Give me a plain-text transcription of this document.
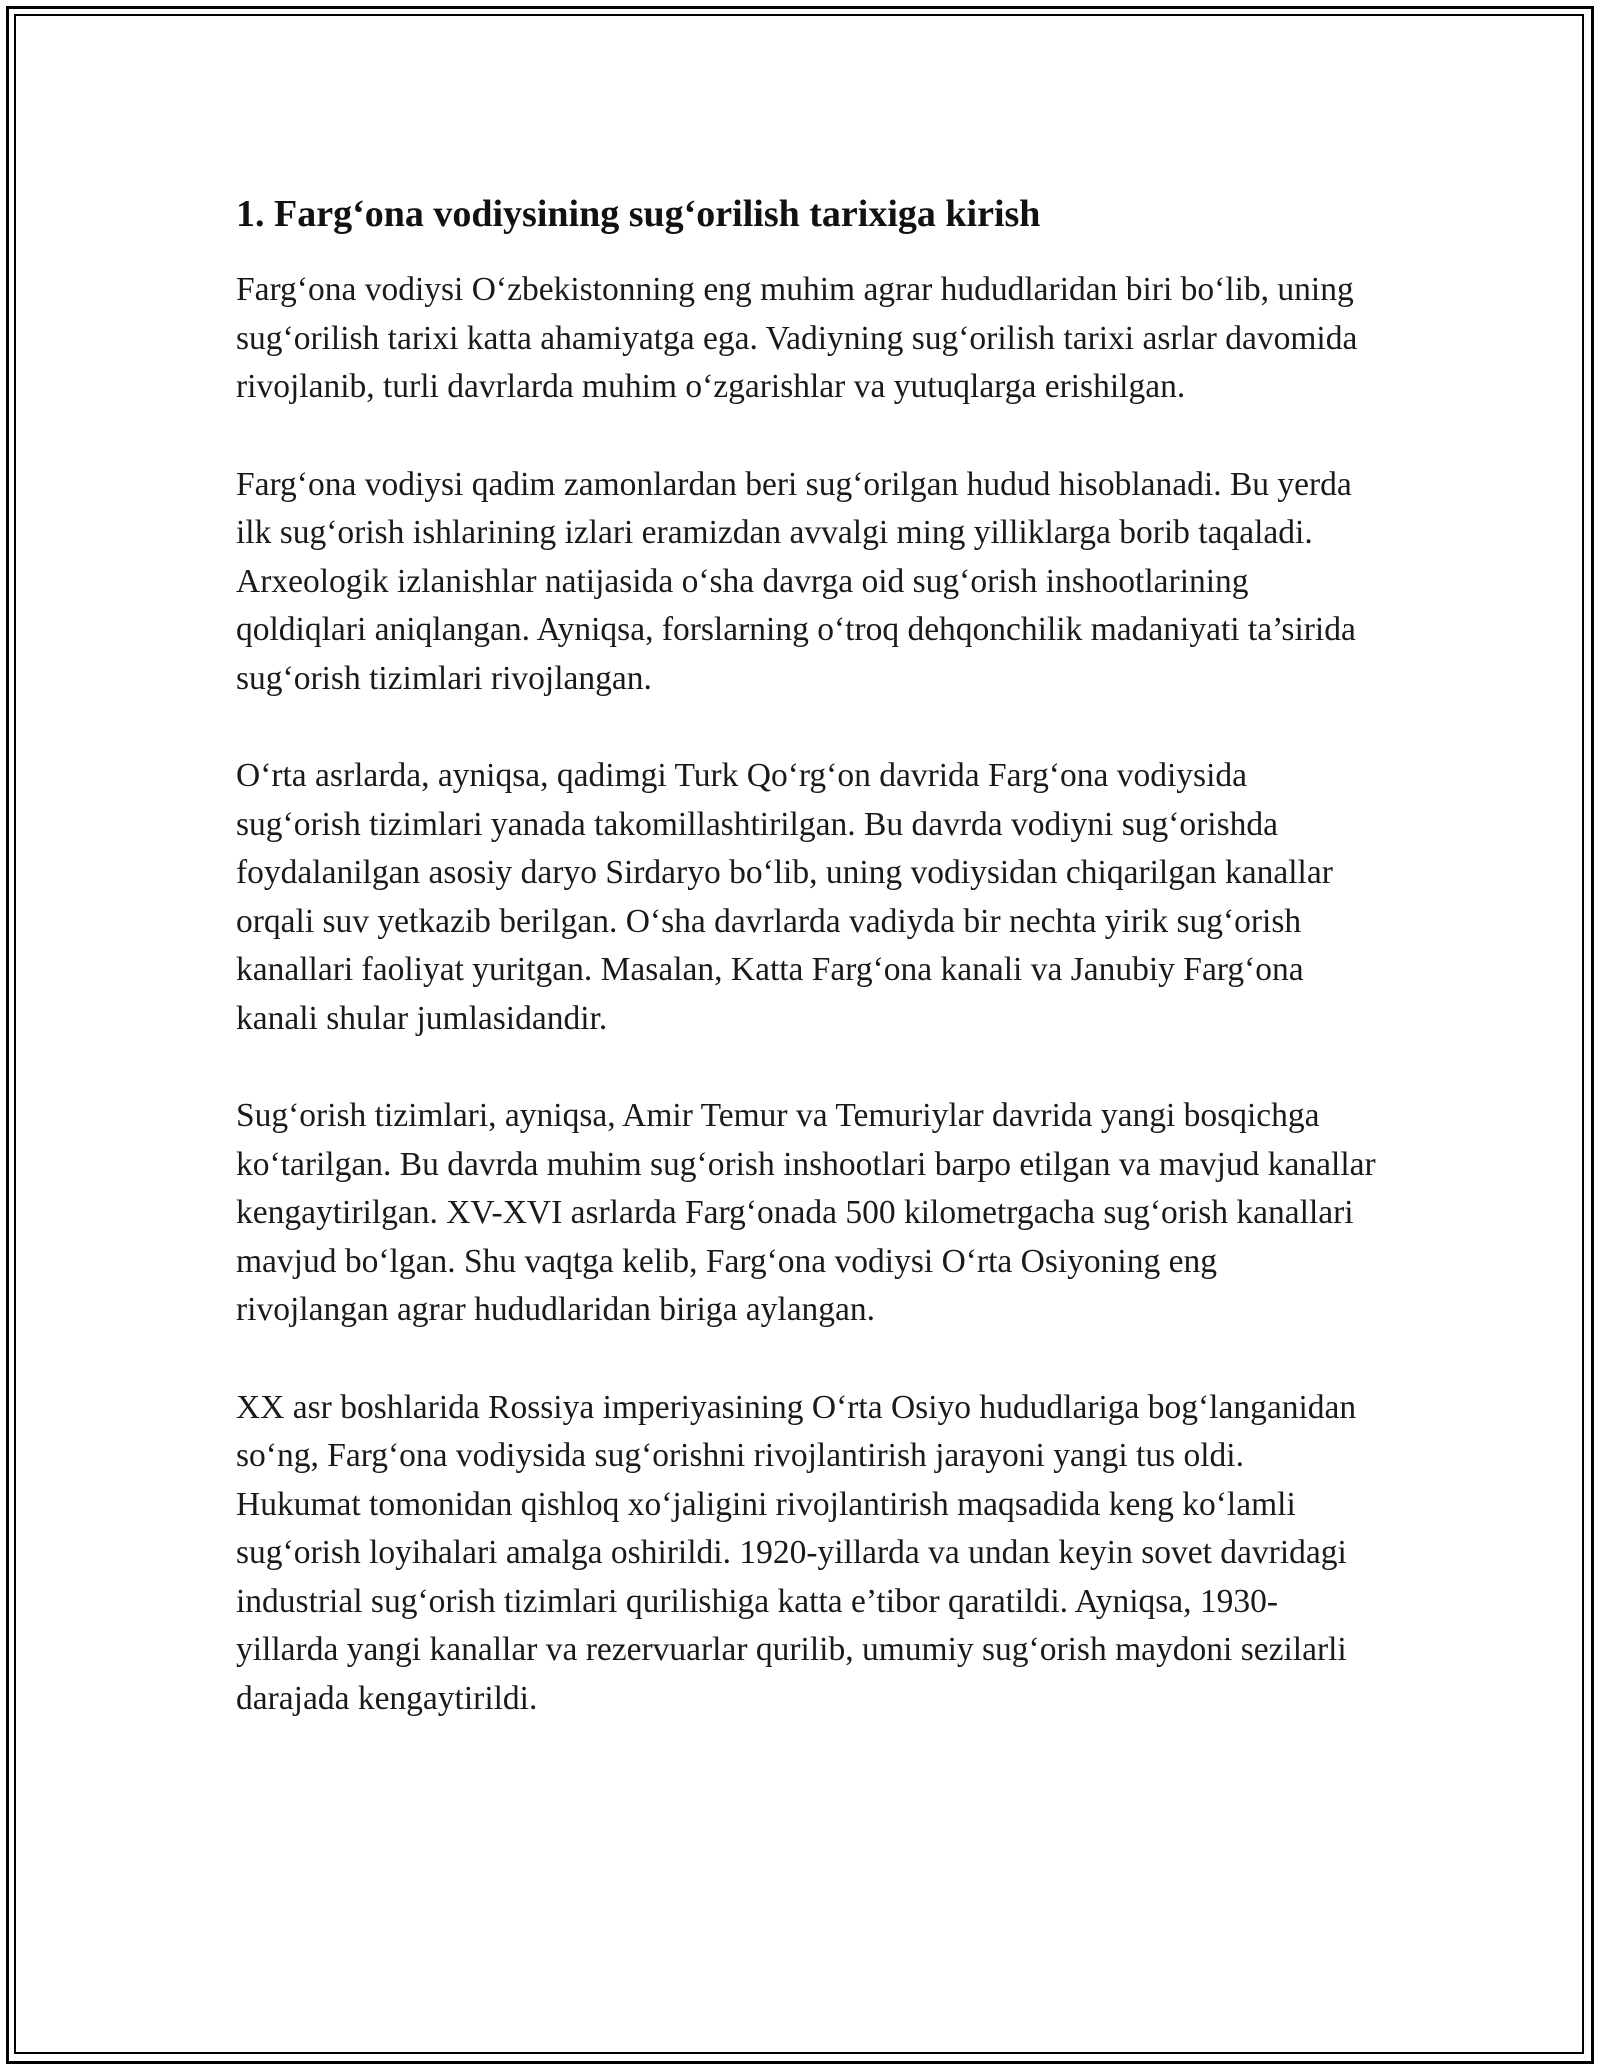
1. Farg‘ona vodiysining sug‘orilish tarixiga kirish

Farg‘ona vodiysi O‘zbekistonning eng muhim agrar hududlaridan biri bo‘lib, uning sug‘orilish tarixi katta ahamiyatga ega. Vadiyning sug‘orilish tarixi asrlar davomida rivojlanib, turli davrlarda muhim o‘zgarishlar va yutuqlarga erishilgan.

Farg‘ona vodiysi qadim zamonlardan beri sug‘orilgan hudud hisoblanadi. Bu yerda ilk sug‘orish ishlarining izlari eramizdan avvalgi ming yilliklarga borib taqaladi. Arxeologik izlanishlar natijasida o‘sha davrga oid sug‘orish inshootlarining qoldiqlari aniqlangan. Ayniqsa, forslarning o‘troq dehqonchilik madaniyati ta’sirida sug‘orish tizimlari rivojlangan.

O‘rta asrlarda, ayniqsa, qadimgi Turk Qo‘rg‘on davrida Farg‘ona vodiysida sug‘orish tizimlari yanada takomillashtirilgan. Bu davrda vodiyni sug‘orishda foydalanilgan asosiy daryo Sirdaryo bo‘lib, uning vodiysidan chiqarilgan kanallar orqali suv yetkazib berilgan. O‘sha davrlarda vadiyda bir nechta yirik sug‘orish kanallari faoliyat yuritgan. Masalan, Katta Farg‘ona kanali va Janubiy Farg‘ona kanali shular jumlasidandir.

Sug‘orish tizimlari, ayniqsa, Amir Temur va Temuriylar davrida yangi bosqichga ko‘tarilgan. Bu davrda muhim sug‘orish inshootlari barpo etilgan va mavjud kanallar kengaytirilgan. XV-XVI asrlarda Farg‘onada 500 kilometrgacha sug‘orish kanallari mavjud bo‘lgan. Shu vaqtga kelib, Farg‘ona vodiysi O‘rta Osiyoning eng rivojlangan agrar hududlaridan biriga aylangan.

XX asr boshlarida Rossiya imperiyasining O‘rta Osiyo hududlariga bog‘langanidan so‘ng, Farg‘ona vodiysida sug‘orishni rivojlantirish jarayoni yangi tus oldi. Hukumat tomonidan qishloq xo‘jaligini rivojlantirish maqsadida keng ko‘lamli sug‘orish loyihalari amalga oshirildi. 1920-yillarda va undan keyin sovet davridagi industrial sug‘orish tizimlari qurilishiga katta e’tibor qaratildi. Ayniqsa, 1930-yillarda yangi kanallar va rezervuarlar qurilib, umumiy sug‘orish maydoni sezilarli darajada kengaytirildi.
